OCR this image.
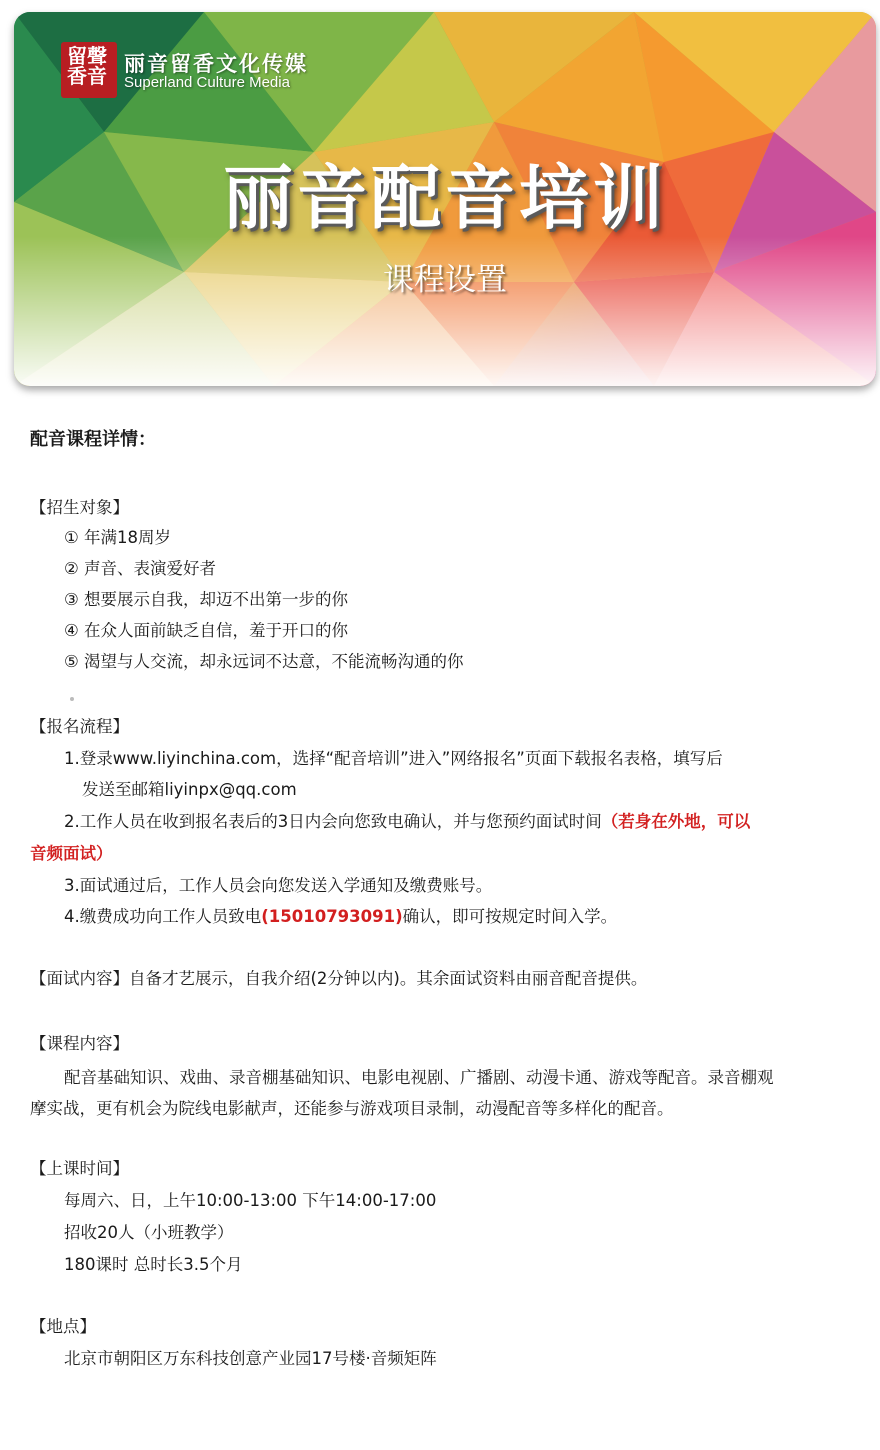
留聲香音 丽音留香文化传媒
Superland Culture Media
丽音配音培训
课程设置
配音课程详情：
【招生对象】
① 年满18周岁
② 声音、表演爱好者
③ 想要展示自我，却迈不出第一步的你
④ 在众人面前缺乏自信，羞于开口的你
⑤ 渴望与人交流，却永远词不达意，不能流畅沟通的你
【报名流程】
1.登录www.liyinchina.com，选择“配音培训”进入”网络报名”页面下载报名表格，填写后
发送至邮箱liyinpx@qq.com
2.工作人员在收到报名表后的3日内会向您致电确认，并与您预约面试时间（若身在外地，可以
音频面试）
3.面试通过后，工作人员会向您发送入学通知及缴费账号。
4.缴费成功向工作人员致电(15010793091)确认，即可按规定时间入学。
【面试内容】自备才艺展示，自我介绍(2分钟以内)。其余面试资料由丽音配音提供。
【课程内容】
配音基础知识、戏曲、录音棚基础知识、电影电视剧、广播剧、动漫卡通、游戏等配音。录音棚观
摩实战，更有机会为院线电影献声，还能参与游戏项目录制，动漫配音等多样化的配音。
【上课时间】
每周六、日，上午10:00-13:00 下午14:00-17:00
招收20人（小班教学）
180课时 总时长3.5个月
【地点】
北京市朝阳区万东科技创意产业园17号楼·音频矩阵
